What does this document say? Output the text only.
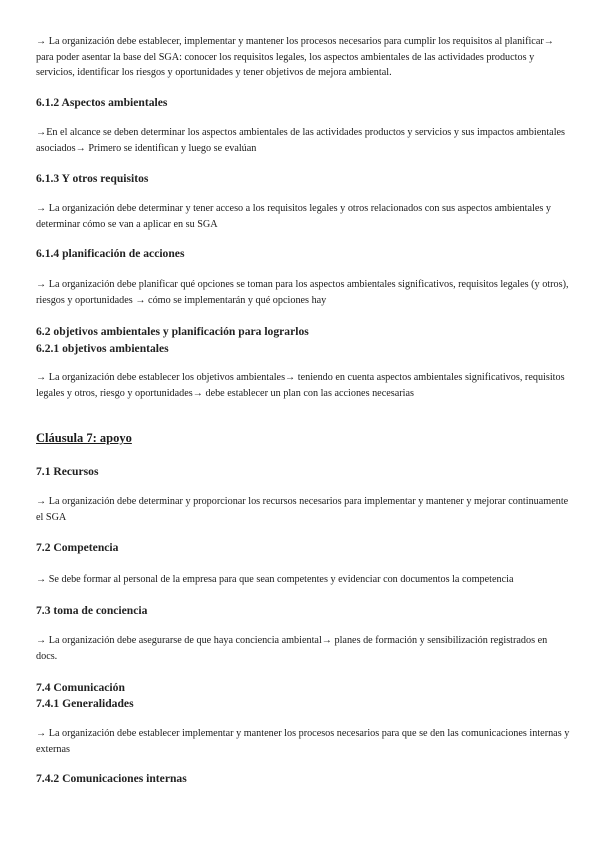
→ La organización debe establecer, implementar y mantener los procesos necesarios para cumplir los requisitos al planificar→ para poder asentar la base del SGA: conocer los requisitos legales, los aspectos ambientales de las actividades productos y servicios, identificar los riesgos y oportunidades y tener objetivos de mejora ambiental.

6.1.2 Aspectos ambientales

→En el alcance se deben determinar los aspectos ambientales de las actividades productos y servicios y sus impactos ambientales asociados→ Primero se identifican y luego se evalúan

6.1.3 Y otros requisitos

→ La organización debe determinar y tener acceso a los requisitos legales y otros relacionados con sus aspectos ambientales y determinar cómo se van a aplicar en su SGA

6.1.4 planificación de acciones

→ La organización debe planificar qué opciones se toman para los aspectos ambientales significativos, requisitos legales (y otros), riesgos y oportunidades → cómo se implementarán y qué opciones hay

6.2 objetivos ambientales y planificación para lograrlos

6.2.1 objetivos ambientales

→ La organización debe establecer los objetivos ambientales→ teniendo en cuenta aspectos ambientales significativos, requisitos legales y otros, riesgo y oportunidades→ debe establecer un plan con las acciones necesarias

Cláusula 7: apoyo

7.1 Recursos

→ La organización debe determinar y proporcionar los recursos necesarios para implementar y mantener y mejorar continuamente el SGA

7.2 Competencia

→ Se debe formar al personal de la empresa para que sean competentes y evidenciar con documentos la competencia

7.3 toma de conciencia

→ La organización debe asegurarse de que haya conciencia ambiental→ planes de formación y sensibilización registrados en docs.

7.4 Comunicación

7.4.1 Generalidades

→ La organización debe establecer implementar y mantener los procesos necesarios para que se den las comunicaciones internas y externas

7.4.2 Comunicaciones internas
